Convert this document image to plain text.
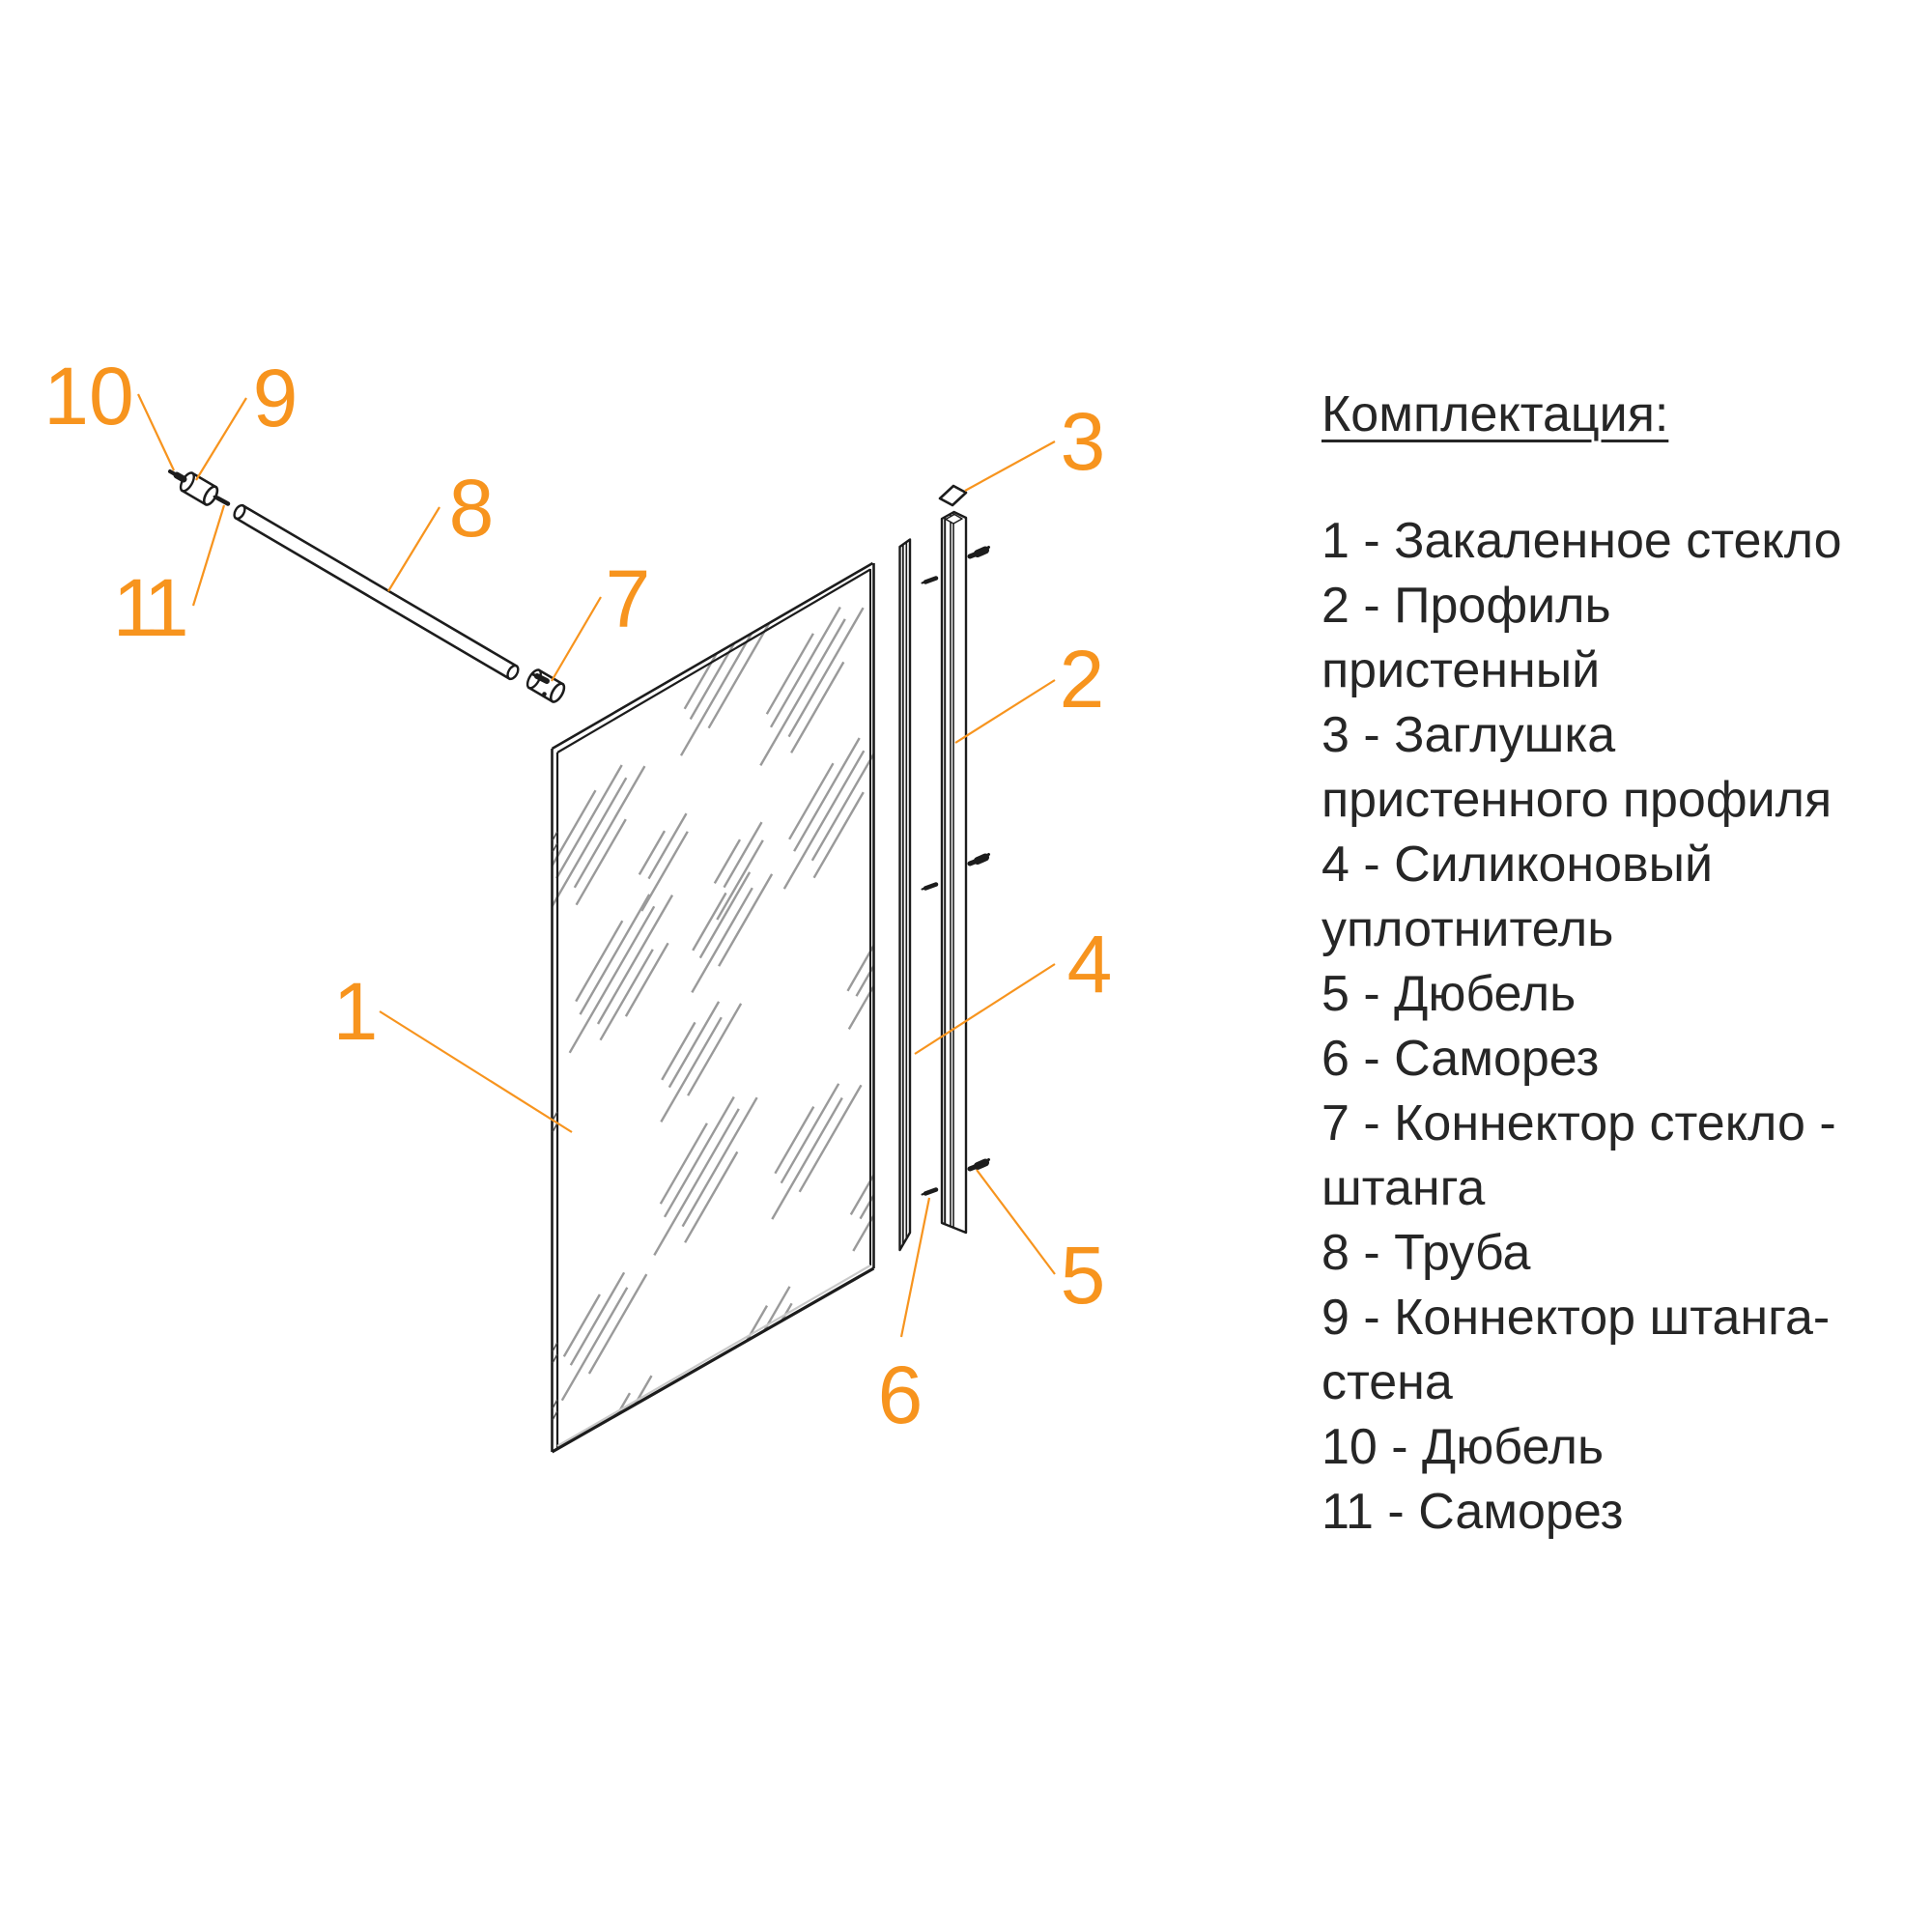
1
2
3
4
5
6
7
8
9
10
11
Комплектация:
1 - Закаленное стекло
2 - Профиль пристенный
3 - Заглушка пристенного профиля
4 - Силиконовый уплотнитель
5 - Дюбель
6 - Саморез
7 - Коннектор стекло - штанга
8 - Труба
9 - Коннектор штанга-стена
10 - Дюбель
11 - Саморез
